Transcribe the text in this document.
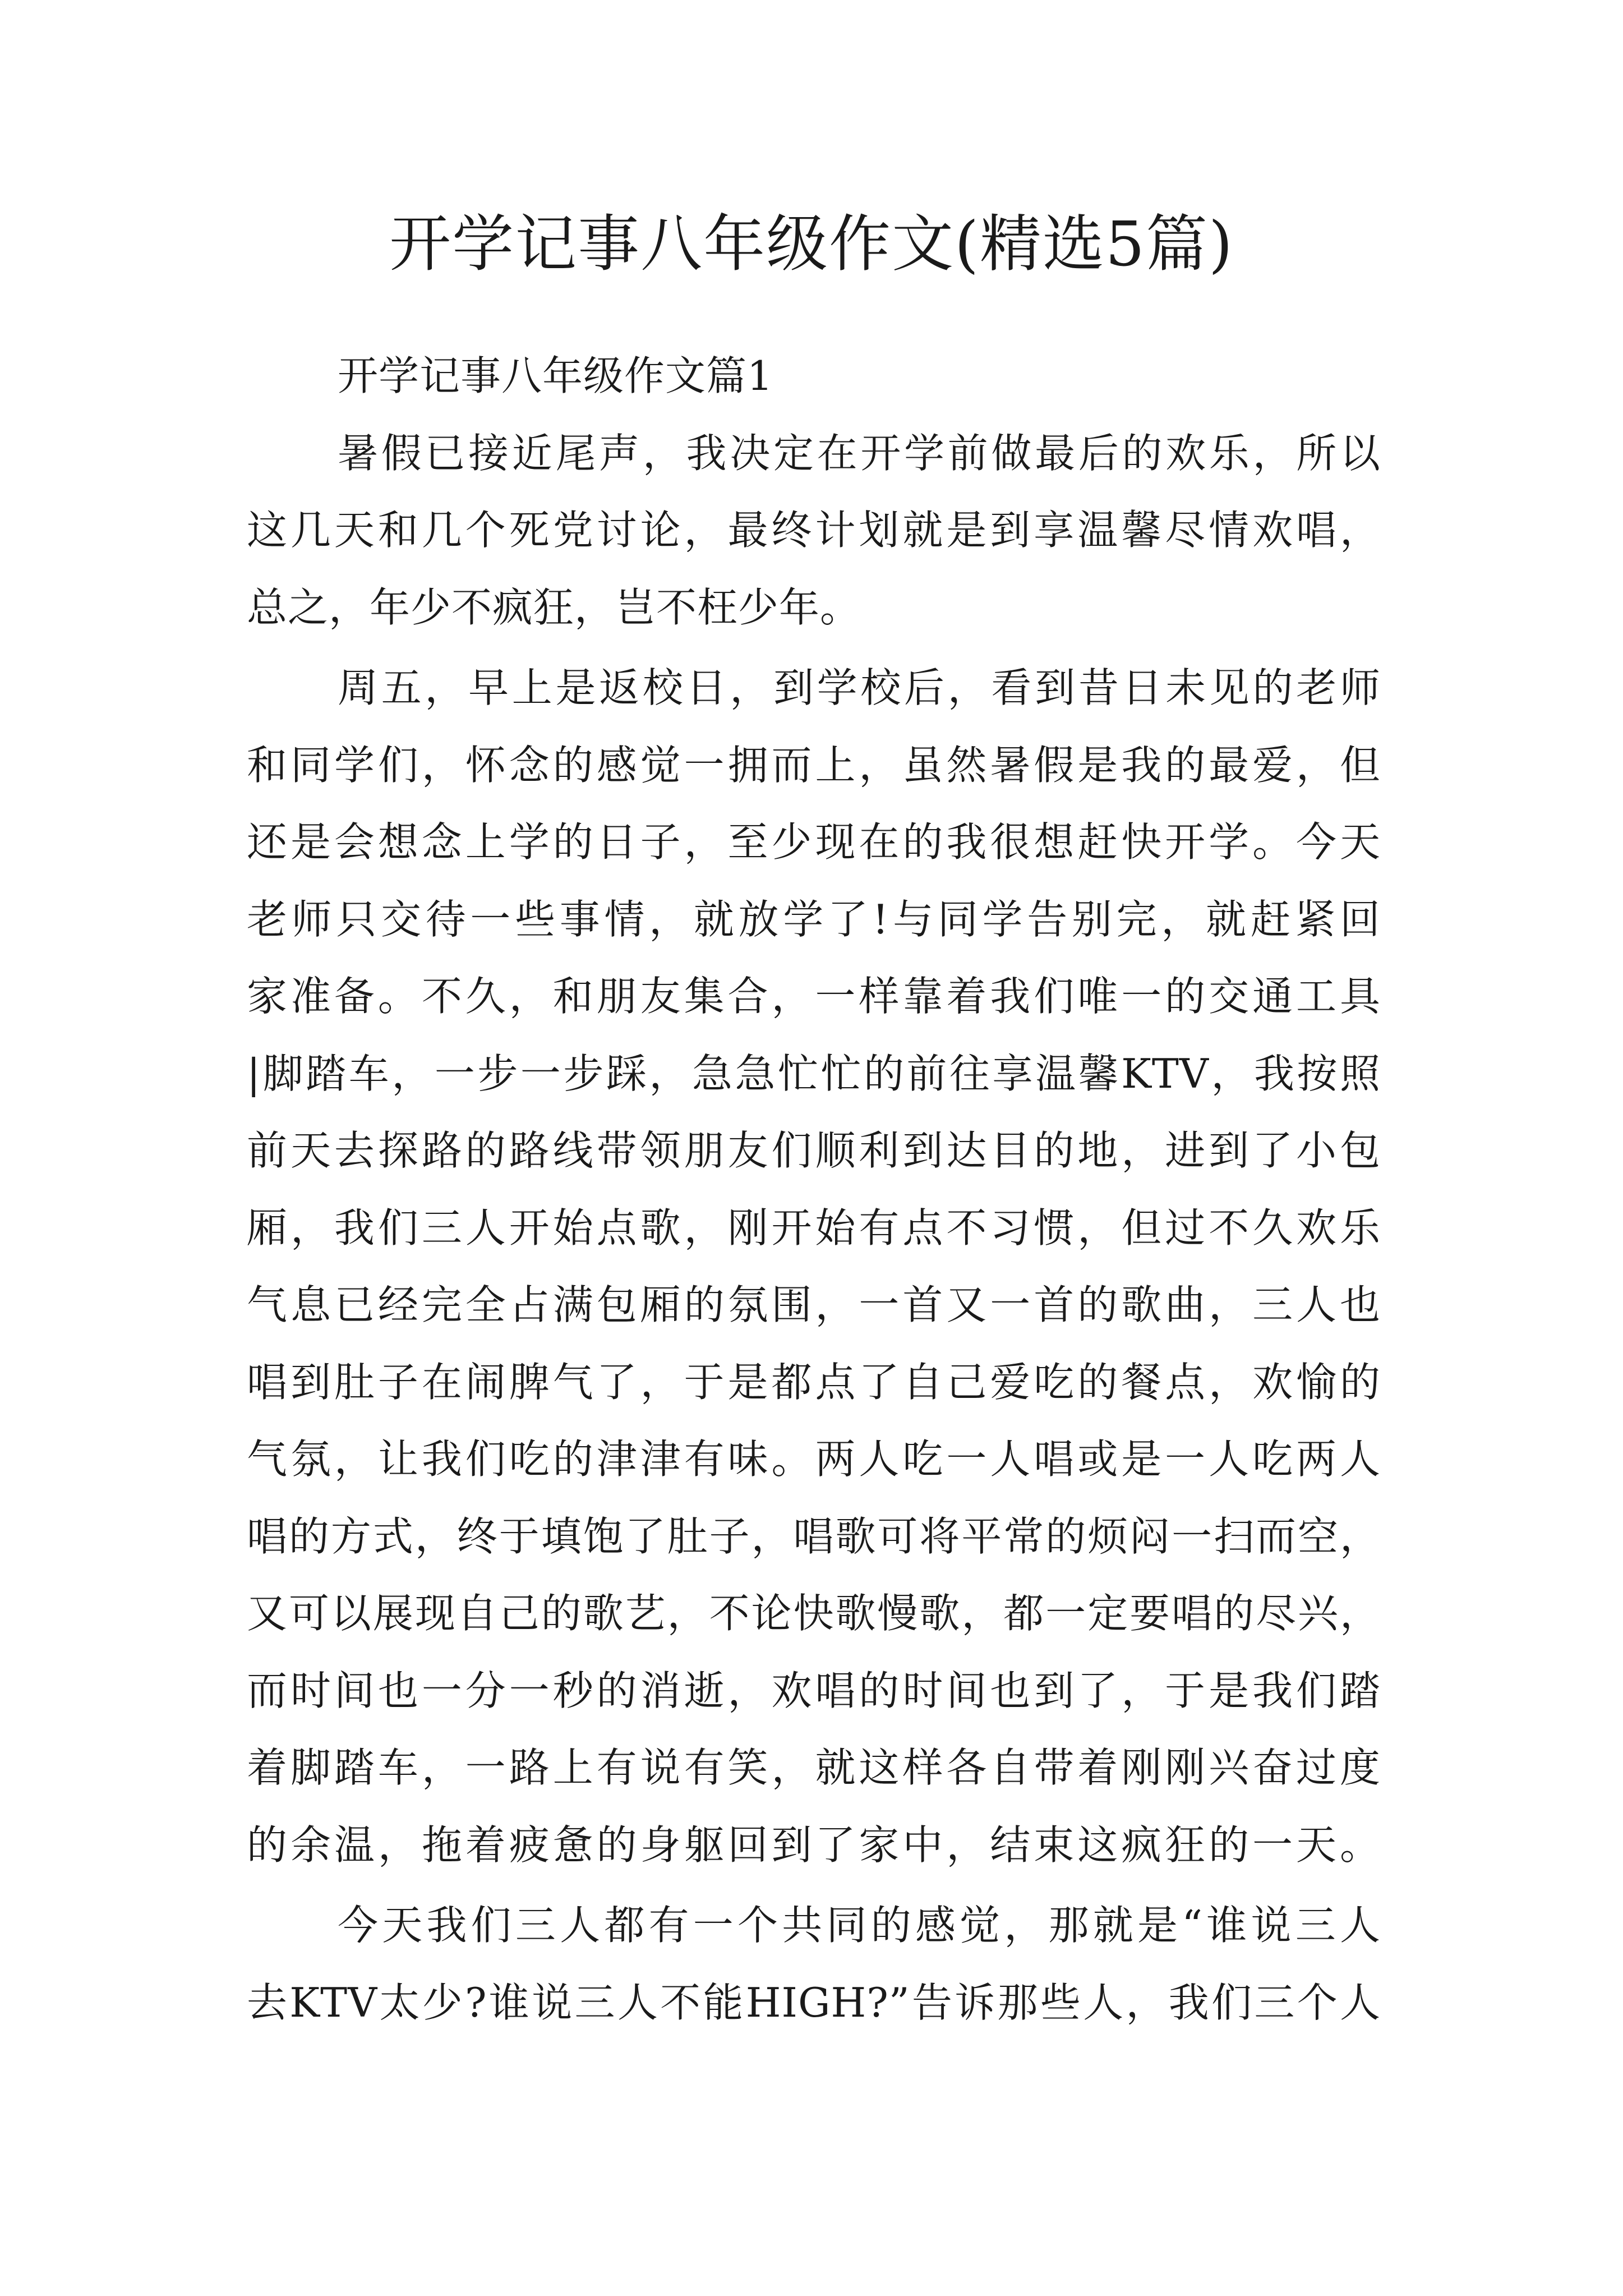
开学记事八年级作文(精选5篇)
开学记事八年级作文篇1
暑假已接近尾声，我决定在开学前做最后的欢乐，所以
这几天和几个死党讨论，最终计划就是到享温馨尽情欢唱，
总之，年少不疯狂，岂不枉少年。
周五，早上是返校日，到学校后，看到昔日未见的老师
和同学们，怀念的感觉一拥而上，虽然暑假是我的最爱，但
还是会想念上学的日子，至少现在的我很想赶快开学。今天
老师只交待一些事情，就放学了!与同学告别完，就赶紧回
家准备。不久，和朋友集合，一样靠着我们唯一的交通工具
|脚踏车，一步一步踩，急急忙忙的前往享温馨KTV，我按照
前天去探路的路线带领朋友们顺利到达目的地，进到了小包
厢，我们三人开始点歌，刚开始有点不习惯，但过不久欢乐
气息已经完全占满包厢的氛围，一首又一首的歌曲，三人也
唱到肚子在闹脾气了，于是都点了自己爱吃的餐点，欢愉的
气氛，让我们吃的津津有味。两人吃一人唱或是一人吃两人
唱的方式，终于填饱了肚子，唱歌可将平常的烦闷一扫而空，
又可以展现自己的歌艺，不论快歌慢歌，都一定要唱的尽兴，
而时间也一分一秒的消逝，欢唱的时间也到了，于是我们踏
着脚踏车，一路上有说有笑，就这样各自带着刚刚兴奋过度
的余温，拖着疲惫的身躯回到了家中，结束这疯狂的一天。
今天我们三人都有一个共同的感觉，那就是“谁说三人
去KTV太少?谁说三人不能HIGH?”告诉那些人，我们三个人
